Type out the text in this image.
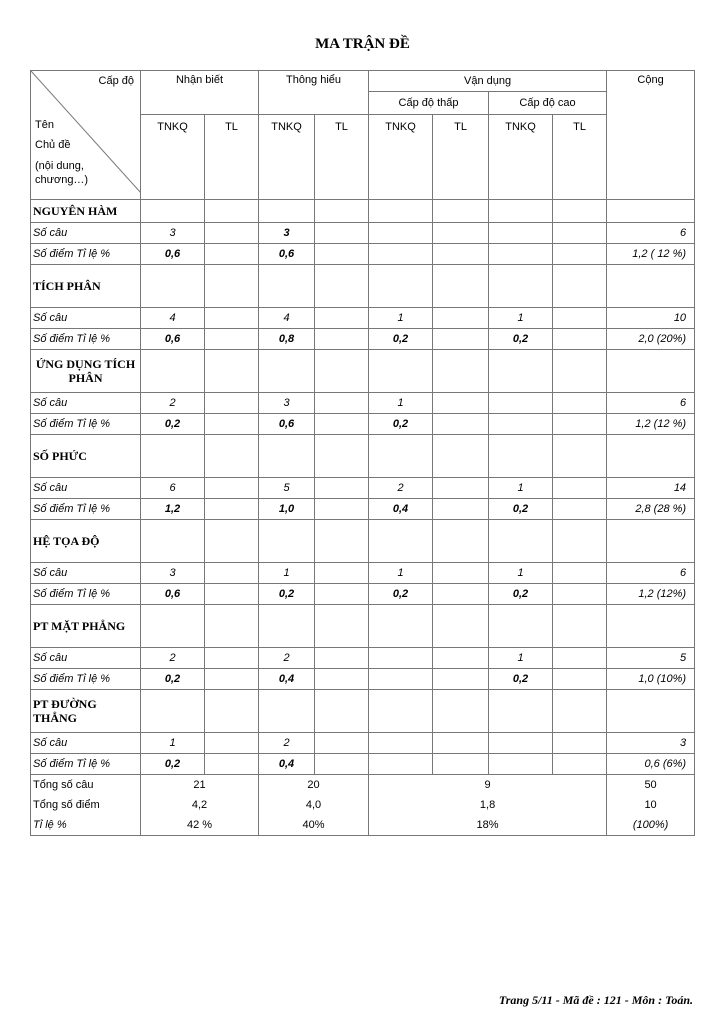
MA TRẬN ĐỀ
Cấp độ
Tên
Chủ đề
(nội dung, chương…)	Nhận biết		Thông hiểu		Vận dụng				Cộng
					Cấp độ thấp		Cấp độ cao		
	TNKQ	TL	TNKQ	TL	TNKQ	TL	TNKQ	TL	
NGUYÊN HÀM									
Số câu	3		3						6
Số điểm Tỉ lệ %	0,6		0,6						1,2 ( 12 %)
TÍCH PHÂN									
Số câu	4		4		1		1		10
Số điểm Tỉ lệ %	0,6		0,8		0,2		0,2		2,0 (20%)
ỨNG DỤNG TÍCH PHÂN									
Số câu	2		3		1				6
Số điểm Tỉ lệ %	0,2		0,6		0,2				1,2 (12 %)
SỐ PHỨC									
Số câu	6		5		2		1		14
Số điểm Tỉ lệ %	1,2		1,0		0,4		0,2		2,8 (28 %)
HỆ TỌA ĐỘ									
Số câu	3		1		1		1		6
Số điểm Tỉ lệ %	0,6		0,2		0,2		0,2		1,2 (12%)
PT MẶT PHẲNG									
Số câu	2		2				1		5
Số điểm Tỉ lệ %	0,2		0,4				0,2		1,0 (10%)
PT ĐƯỜNG THẲNG									
Số câu	1		2						3
Số điểm Tỉ lệ %	0,2		0,4						0,6 (6%)
Tổng số câu	21		20		9				50
Tổng số điểm	4,2		4,0		1,8				10
Tỉ lệ %	42 %		40%		18%				(100%)
Trang 5/11 - Mã đề : 121 - Môn : Toán.
